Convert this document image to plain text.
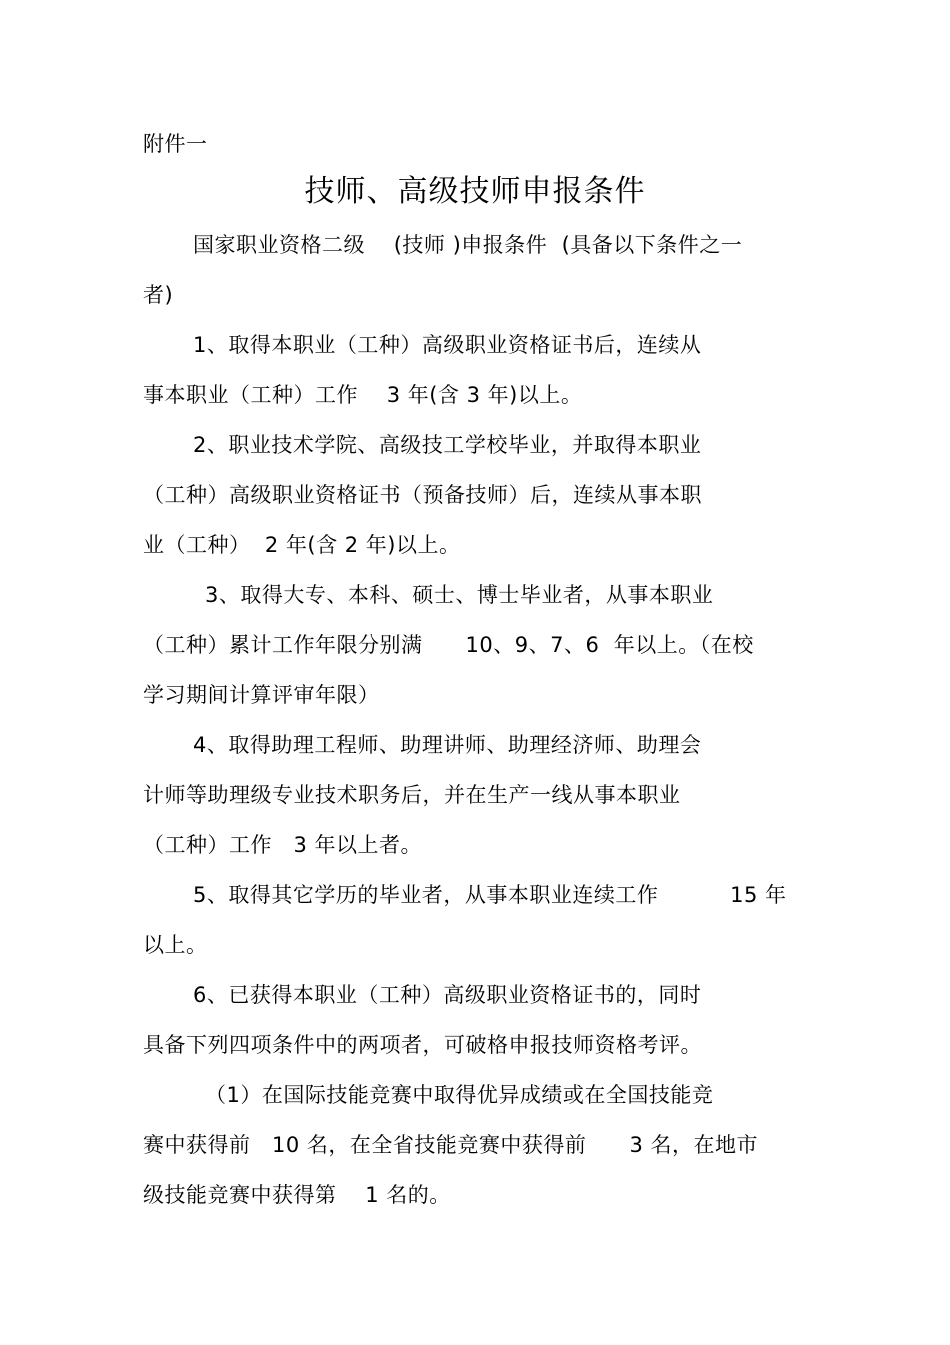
附件一
技师、高级技师申报条件
国家职业资格二级    (技师 )申报条件  (具备以下条件之一
者)
1、取得本职业（工种）高级职业资格证书后，连续从
事本职业（工种）工作    3 年(含 3 年)以上。
2、职业技术学院、高级技工学校毕业，并取得本职业
（工种）高级职业资格证书（预备技师）后，连续从事本职
业（工种）  2 年(含 2 年)以上。
3、取得大专、本科、硕士、博士毕业者，从事本职业
（工种）累计工作年限分别满      10、9、7、6  年以上。（在校
学习期间计算评审年限）
4、取得助理工程师、助理讲师、助理经济师、助理会
计师等助理级专业技术职务后，并在生产一线从事本职业
（工种）工作   3 年以上者。
5、取得其它学历的毕业者，从事本职业连续工作          15 年
以上。
6、已获得本职业（工种）高级职业资格证书的，同时
具备下列四项条件中的两项者，可破格申报技师资格考评。
（1）在国际技能竞赛中取得优异成绩或在全国技能竞
赛中获得前   10 名，在全省技能竞赛中获得前      3 名，在地市
级技能竞赛中获得第    1 名的。
